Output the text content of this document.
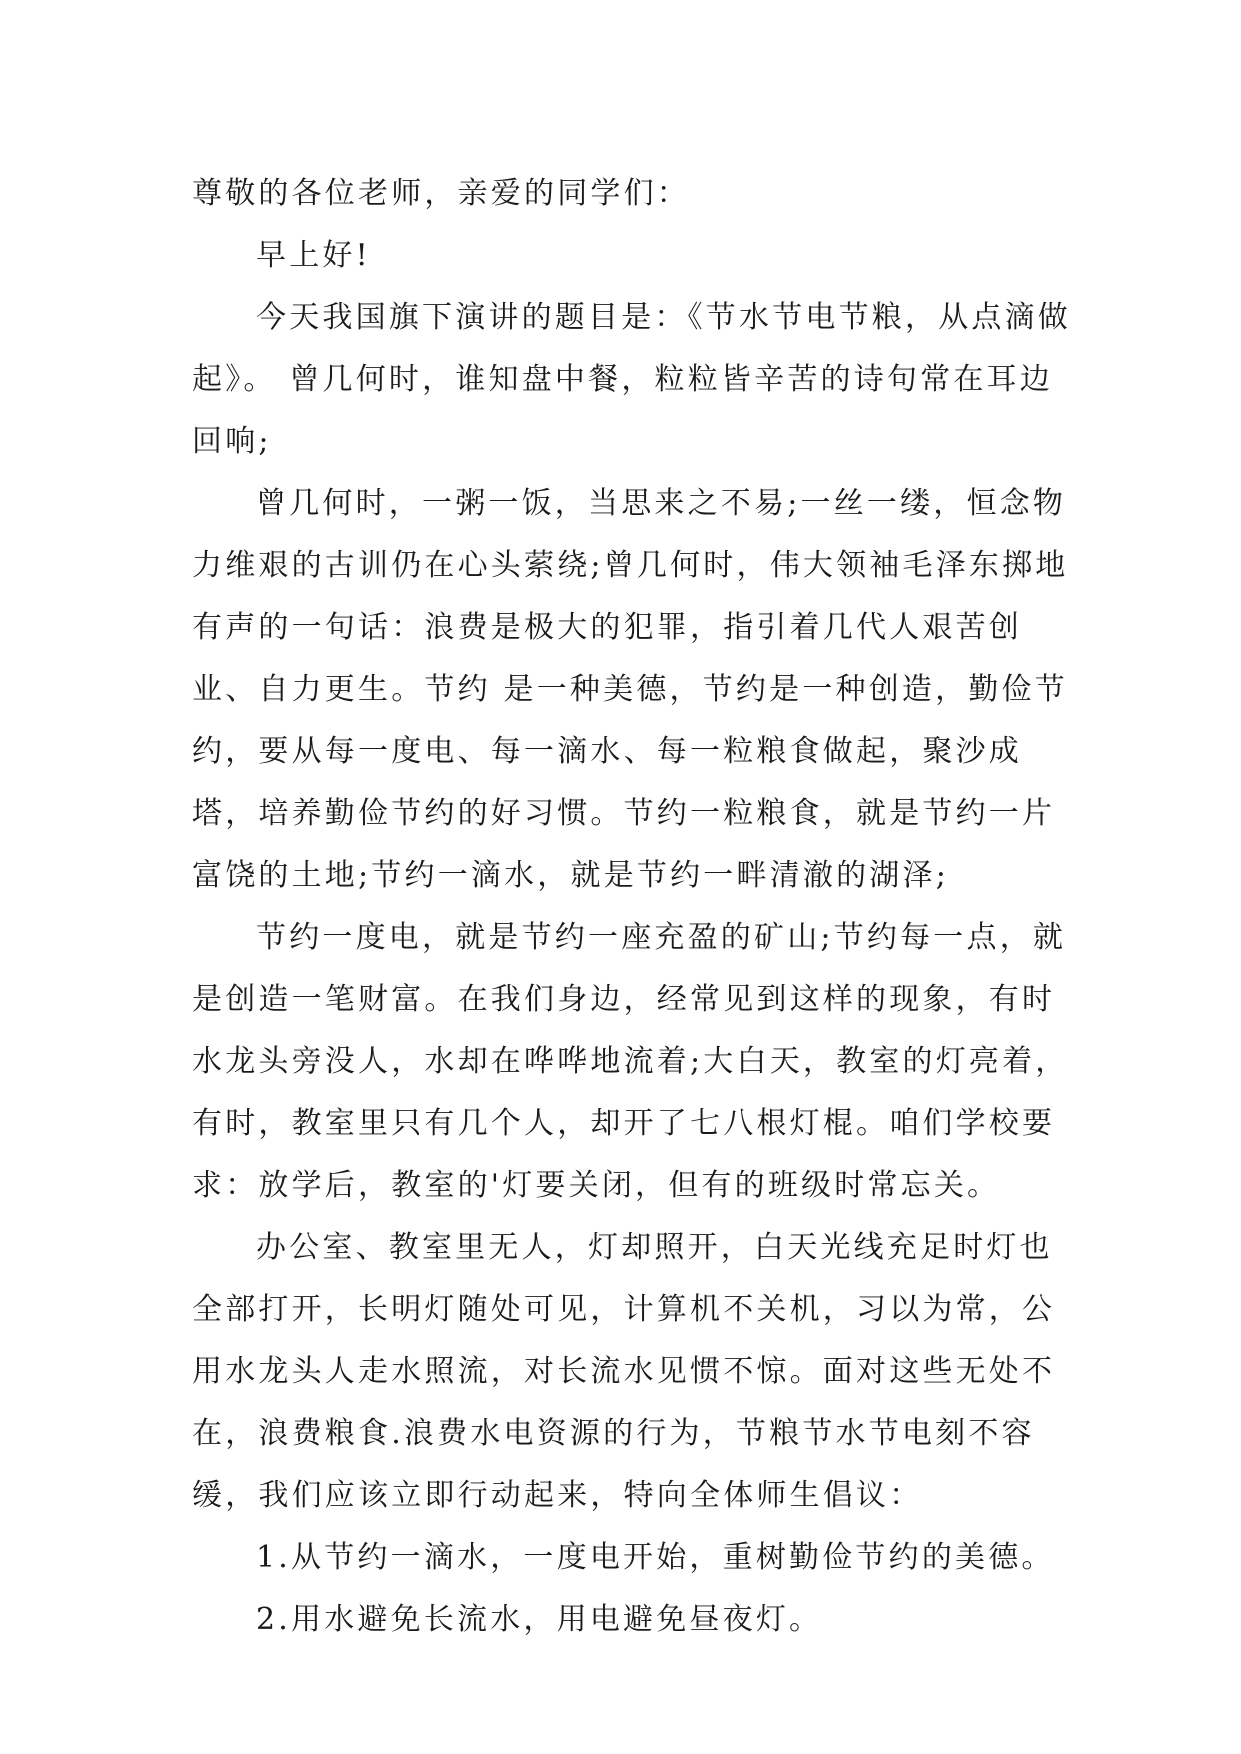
尊敬的各位老师，亲爱的同学们：

早上好!

今天我国旗下演讲的题目是：《节水节电节粮，从点滴做起》。 曾几何时，谁知盘中餐，粒粒皆辛苦的诗句常在耳边回响;

曾几何时，一粥一饭，当思来之不易;一丝一缕，恒念物力维艰的古训仍在心头萦绕;曾几何时，伟大领袖毛泽东掷地有声的一句话：浪费是极大的犯罪，指引着几代人艰苦创业、自力更生。节约 是一种美德，节约是一种创造，勤俭节约，要从每一度电、每一滴水、每一粒粮食做起，聚沙成塔，培养勤俭节约的好习惯。节约一粒粮食，就是节约一片富饶的土地;节约一滴水，就是节约一畔清澈的湖泽;

节约一度电，就是节约一座充盈的矿山;节约每一点，就是创造一笔财富。在我们身边，经常见到这样的现象，有时水龙头旁没人，水却在哗哗地流着;大白天，教室的灯亮着，有时，教室里只有几个人，却开了七八根灯棍。咱们学校要求：放学后，教室的'灯要关闭，但有的班级时常忘关。

办公室、教室里无人，灯却照开，白天光线充足时灯也全部打开，长明灯随处可见，计算机不关机，习以为常，公用水龙头人走水照流，对长流水见惯不惊。面对这些无处不在，浪费粮食.浪费水电资源的行为，节粮节水节电刻不容缓，我们应该立即行动起来，特向全体师生倡议：

1.从节约一滴水，一度电开始，重树勤俭节约的美德。

2.用水避免长流水，用电避免昼夜灯。
